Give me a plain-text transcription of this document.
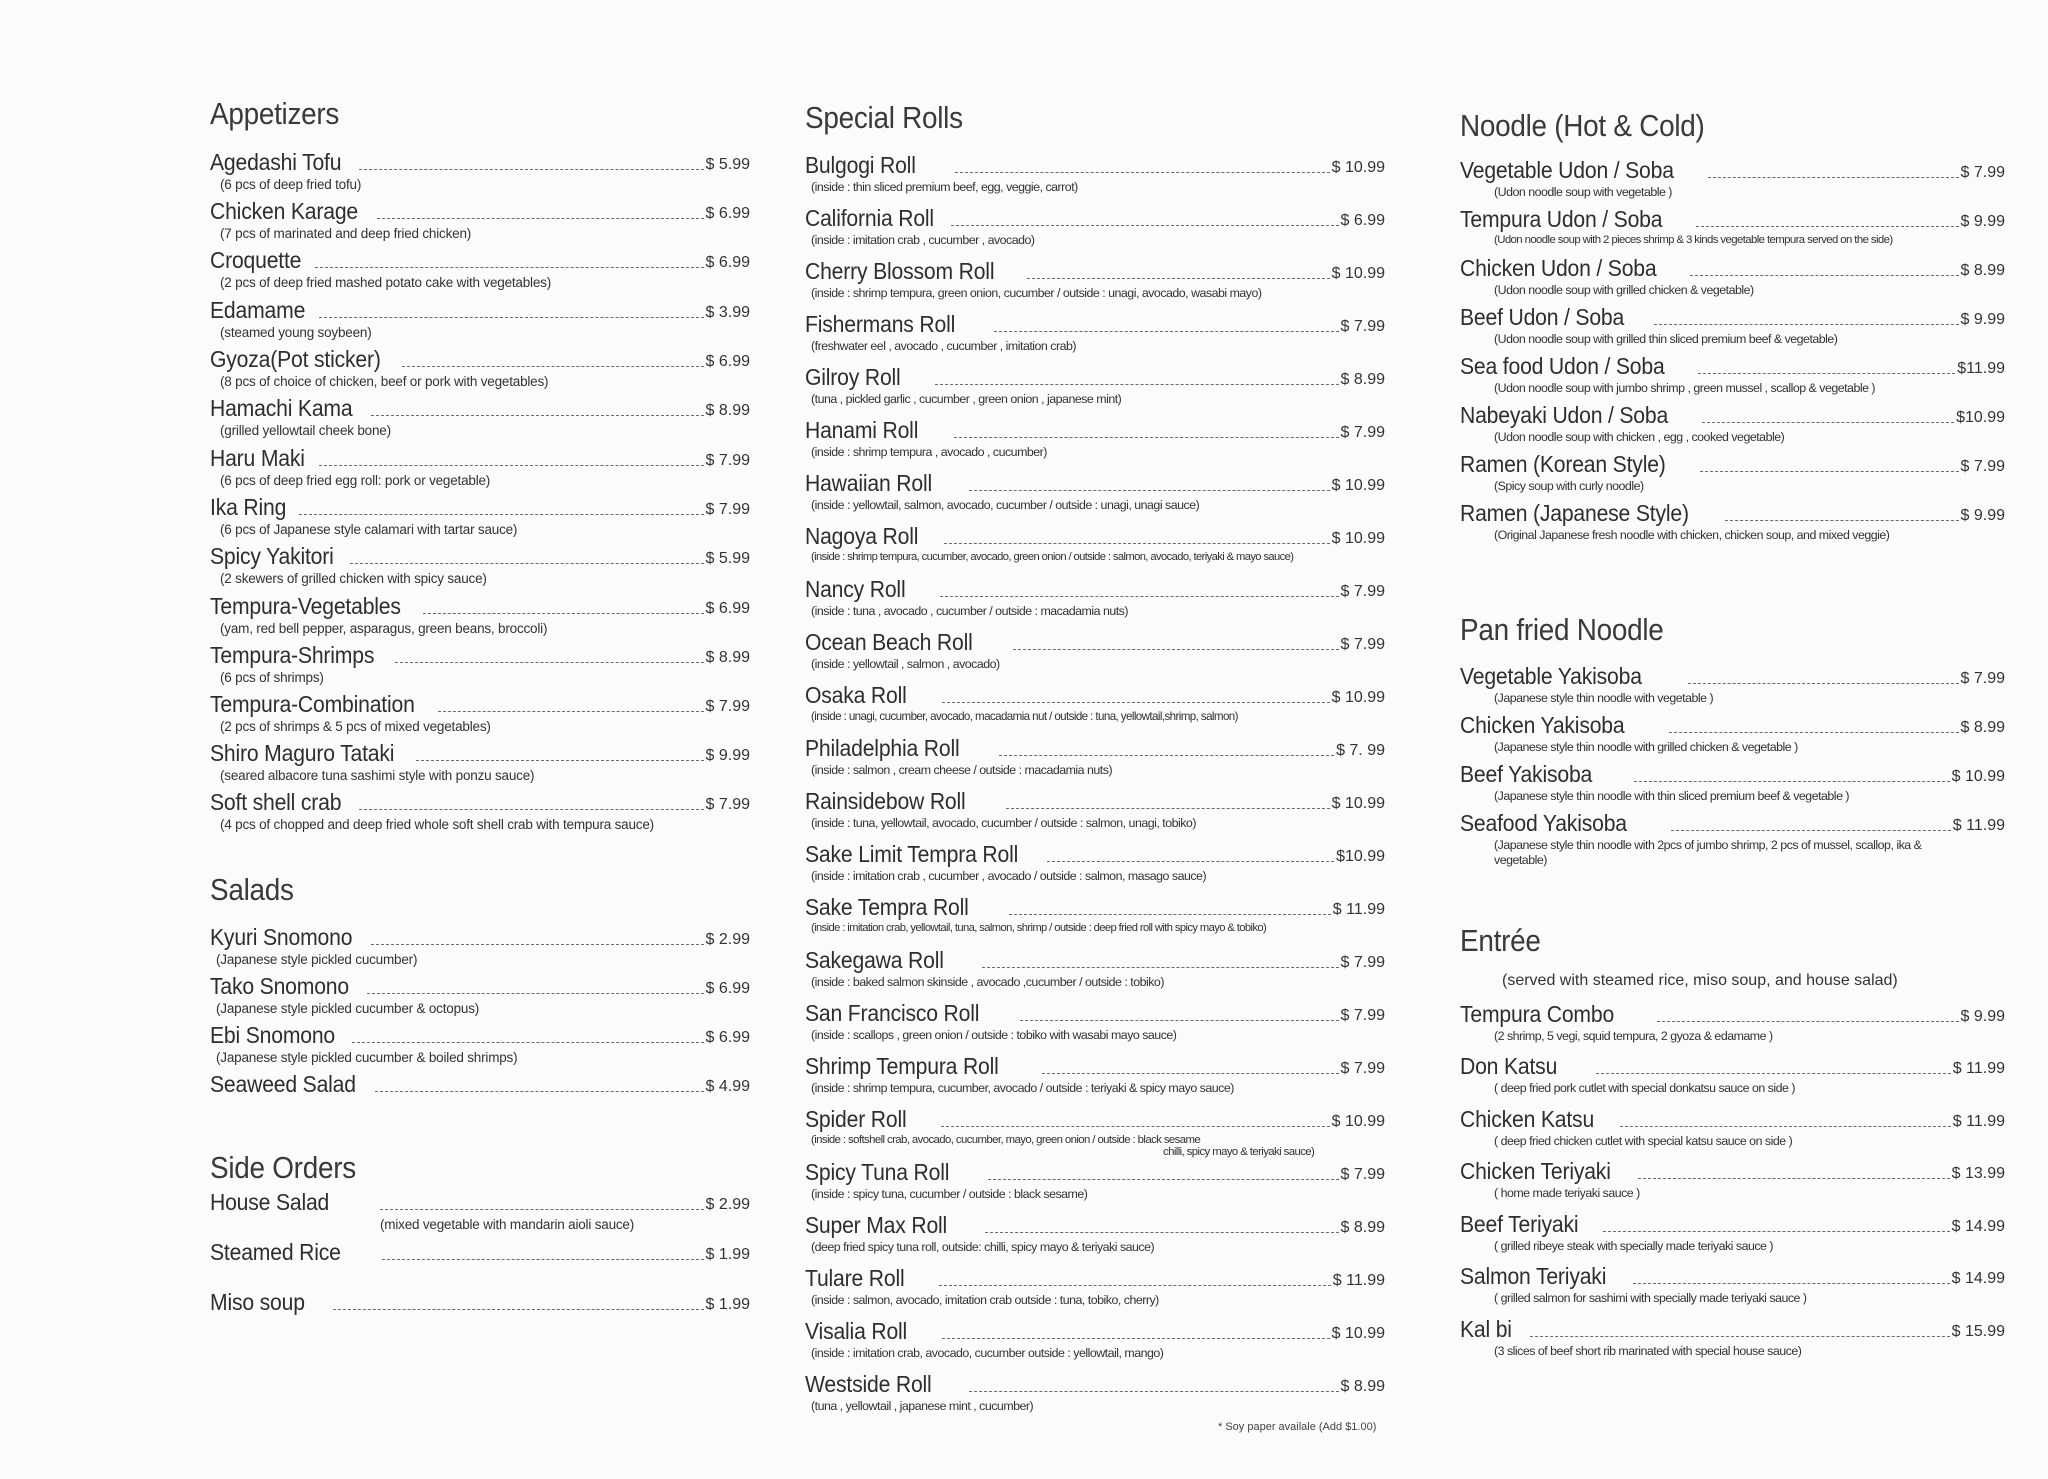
Appetizers
Agedashi Tofu	$ 5.99
(6 pcs of deep fried tofu)
Chicken Karage	$ 6.99
(7 pcs of marinated and deep fried chicken)
Croquette	$ 6.99
(2 pcs of deep fried mashed potato cake with vegetables)
Edamame	$ 3.99
(steamed young soybeen)
Gyoza(Pot sticker)	$ 6.99
(8 pcs of choice of chicken, beef or pork with vegetables)
Hamachi Kama	$ 8.99
(grilled yellowtail cheek bone)
Haru Maki	$ 7.99
(6 pcs of deep fried egg roll: pork or vegetable)
Ika Ring	$ 7.99
(6 pcs of Japanese style calamari with tartar sauce)
Spicy Yakitori	$ 5.99
(2 skewers of grilled chicken with spicy sauce)
Tempura-Vegetables	$ 6.99
(yam, red bell pepper, asparagus, green beans, broccoli)
Tempura-Shrimps	$ 8.99
(6 pcs of shrimps)
Tempura-Combination	$ 7.99
(2 pcs of shrimps & 5 pcs of mixed vegetables)
Shiro Maguro Tataki	$ 9.99
(seared albacore tuna sashimi style with ponzu sauce)
Soft shell crab	$ 7.99
(4 pcs of chopped and deep fried whole soft shell crab with tempura sauce)
Salads
Kyuri Snomono	$ 2.99
(Japanese style pickled cucumber)
Tako Snomono	$ 6.99
(Japanese style pickled cucumber & octopus)
Ebi Snomono	$ 6.99
(Japanese style pickled cucumber & boiled shrimps)
Seaweed Salad	$ 4.99
Side Orders
House Salad	$ 2.99
(mixed vegetable with mandarin aioli sauce)
Steamed Rice	$ 1.99
Miso soup	$ 1.99
Special Rolls
Bulgogi Roll	$ 10.99
(inside : thin sliced premium beef, egg, veggie, carrot)
California Roll	$ 6.99
(inside : imitation crab , cucumber , avocado)
Cherry Blossom Roll	$ 10.99
(inside : shrimp tempura, green onion, cucumber / outside : unagi, avocado, wasabi mayo)
Fishermans Roll	$ 7.99
(freshwater eel , avocado , cucumber , imitation crab)
Gilroy Roll	$ 8.99
(tuna , pickled garlic , cucumber , green onion , japanese mint)
Hanami Roll	$ 7.99
(inside : shrimp tempura , avocado , cucumber)
Hawaiian Roll	$ 10.99
(inside : yellowtail, salmon, avocado, cucumber / outside : unagi, unagi sauce)
Nagoya Roll	$ 10.99
(inside : shrimp tempura, cucumber, avocado, green onion / outside : salmon, avocado, teriyaki & mayo sauce)
Nancy Roll	$ 7.99
(inside : tuna , avocado , cucumber / outside : macadamia nuts)
Ocean Beach Roll	$ 7.99
(inside : yellowtail , salmon , avocado)
Osaka Roll	$ 10.99
(inside : unagi, cucumber, avocado, macadamia nut / outside : tuna, yellowtail,shrimp, salmon)
Philadelphia Roll	$ 7. 99
(inside : salmon , cream cheese / outside : macadamia nuts)
Rainsidebow Roll	$ 10.99
(inside : tuna, yellowtail, avocado, cucumber / outside : salmon, unagi, tobiko)
Sake Limit Tempra Roll	$10.99
(inside : imitation crab , cucumber , avocado / outside : salmon, masago sauce)
Sake Tempra Roll	$ 11.99
(inside : imitation crab, yellowtail, tuna, salmon, shrimp / outside : deep fried roll with spicy mayo & tobiko)
Sakegawa Roll	$ 7.99
(inside : baked salmon skinside , avocado ,cucumber / outside : tobiko)
San Francisco Roll	$ 7.99
(inside : scallops , green onion / outside : tobiko with wasabi mayo sauce)
Shrimp Tempura Roll	$ 7.99
(inside : shrimp tempura, cucumber, avocado / outside : teriyaki & spicy mayo sauce)
Spider Roll	$ 10.99
(inside : softshell crab, avocado, cucumber, mayo, green onion / outside : black sesame
chilli, spicy mayo & teriyaki sauce)
Spicy Tuna Roll	$ 7.99
(inside : spicy tuna, cucumber / outside : black sesame)
Super Max Roll	$ 8.99
(deep fried spicy tuna roll, outside: chilli, spicy mayo & teriyaki sauce)
Tulare Roll	$ 11.99
(inside : salmon, avocado, imitation crab outside : tuna, tobiko, cherry)
Visalia Roll	$ 10.99
(inside : imitation crab, avocado, cucumber outside : yellowtail, mango)
Westside Roll	$ 8.99
(tuna , yellowtail , japanese mint , cucumber)
* Soy paper availale (Add $1.00)
Noodle (Hot & Cold)
Vegetable Udon / Soba	$ 7.99
(Udon noodle soup with vegetable )
Tempura Udon / Soba	$ 9.99
(Udon noodle soup with 2 pieces shrimp & 3 kinds vegetable tempura served on the side)
Chicken Udon / Soba	$ 8.99
(Udon noodle soup with grilled chicken & vegetable)
Beef Udon / Soba	$ 9.99
(Udon noodle soup with grilled thin sliced premium beef & vegetable)
Sea food Udon / Soba	$11.99
(Udon noodle soup with jumbo shrimp , green mussel , scallop & vegetable )
Nabeyaki Udon / Soba	$10.99
(Udon noodle soup with chicken , egg , cooked vegetable)
Ramen (Korean Style)	$ 7.99
(Spicy soup with curly noodle)
Ramen (Japanese Style)	$ 9.99
(Original Japanese fresh noodle with chicken, chicken soup, and mixed veggie)
Pan fried Noodle
Vegetable Yakisoba	$ 7.99
(Japanese style thin noodle with vegetable )
Chicken Yakisoba	$ 8.99
(Japanese style thin noodle with grilled chicken & vegetable )
Beef Yakisoba	$ 10.99
(Japanese style thin noodle with thin sliced premium beef & vegetable )
Seafood Yakisoba	$ 11.99
(Japanese style thin noodle with 2pcs of jumbo shrimp, 2 pcs of mussel, scallop, ika & vegetable)
Entrée
(served with steamed rice, miso soup, and house salad)
Tempura Combo	$ 9.99
(2 shrimp, 5 vegi, squid tempura, 2 gyoza & edamame )
Don Katsu	$ 11.99
( deep fried pork cutlet with special donkatsu sauce on side )
Chicken Katsu	$ 11.99
( deep fried chicken cutlet with special katsu sauce on side )
Chicken Teriyaki	$ 13.99
( home made teriyaki sauce )
Beef Teriyaki	$ 14.99
( grilled ribeye steak with specially made teriyaki sauce )
Salmon Teriyaki	$ 14.99
( grilled salmon for sashimi with specially made teriyaki sauce )
Kal bi	$ 15.99
(3 slices of beef short rib marinated with special house sauce)
